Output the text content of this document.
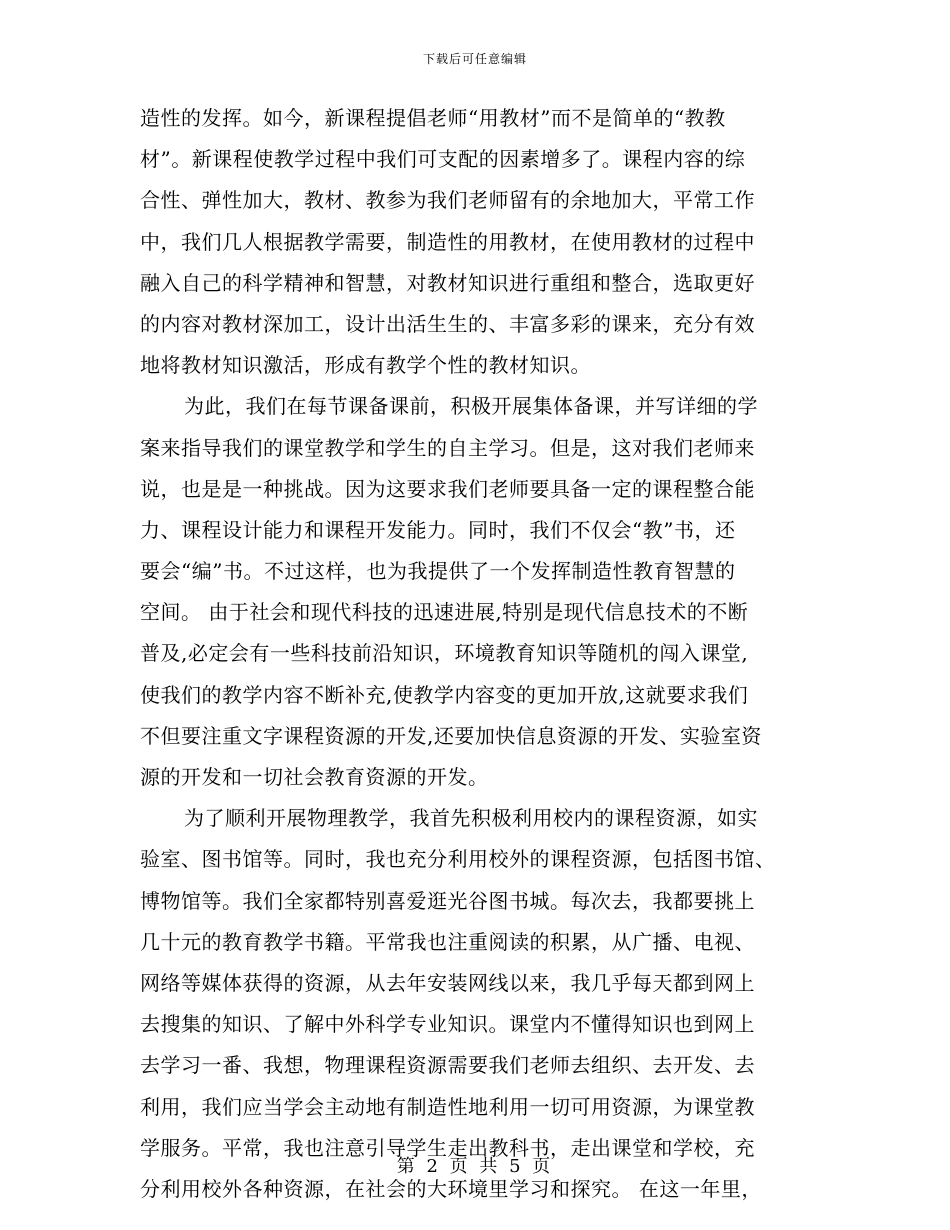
下载后可任意编辑
造性的发挥。如今，新课程提倡老师“用教材”而不是简单的“教教
材”。新课程使教学过程中我们可支配的因素增多了。课程内容的综
合性、弹性加大，教材、教参为我们老师留有的余地加大，平常工作
中，我们几人根据教学需要，制造性的用教材，在使用教材的过程中
融入自己的科学精神和智慧，对教材知识进行重组和整合，选取更好
的内容对教材深加工，设计出活生生的、丰富多彩的课来，充分有效
地将教材知识激活，形成有教学个性的教材知识。
为此，我们在每节课备课前，积极开展集体备课，并写详细的学
案来指导我们的课堂教学和学生的自主学习。但是，这对我们老师来
说，也是是一种挑战。因为这要求我们老师要具备一定的课程整合能
力、课程设计能力和课程开发能力。同时，我们不仅会“教”书，还
要会“编”书。不过这样，也为我提供了一个发挥制造性教育智慧的
空间。 由于社会和现代科技的迅速进展,特别是现代信息技术的不断
普及,必定会有一些科技前沿知识，环境教育知识等随机的闯入课堂,
使我们的教学内容不断补充,使教学内容变的更加开放,这就要求我们
不但要注重文字课程资源的开发,还要加快信息资源的开发、实验室资
源的开发和一切社会教育资源的开发。
为了顺利开展物理教学，我首先积极利用校内的课程资源，如实
验室、图书馆等。同时，我也充分利用校外的课程资源，包括图书馆、
博物馆等。我们全家都特别喜爱逛光谷图书城。每次去，我都要挑上
几十元的教育教学书籍。平常我也注重阅读的积累，从广播、电视、
网络等媒体获得的资源，从去年安装网线以来，我几乎每天都到网上
去搜集的知识、了解中外科学专业知识。课堂内不懂得知识也到网上
去学习一番、我想，物理课程资源需要我们老师去组织、去开发、去
利用，我们应当学会主动地有制造性地利用一切可用资源，为课堂教
学服务。平常，我也注意引导学生走出教科书，走出课堂和学校，充
分利用校外各种资源，在社会的大环境里学习和探究。 在这一年里，
第 2 页 共 5 页
